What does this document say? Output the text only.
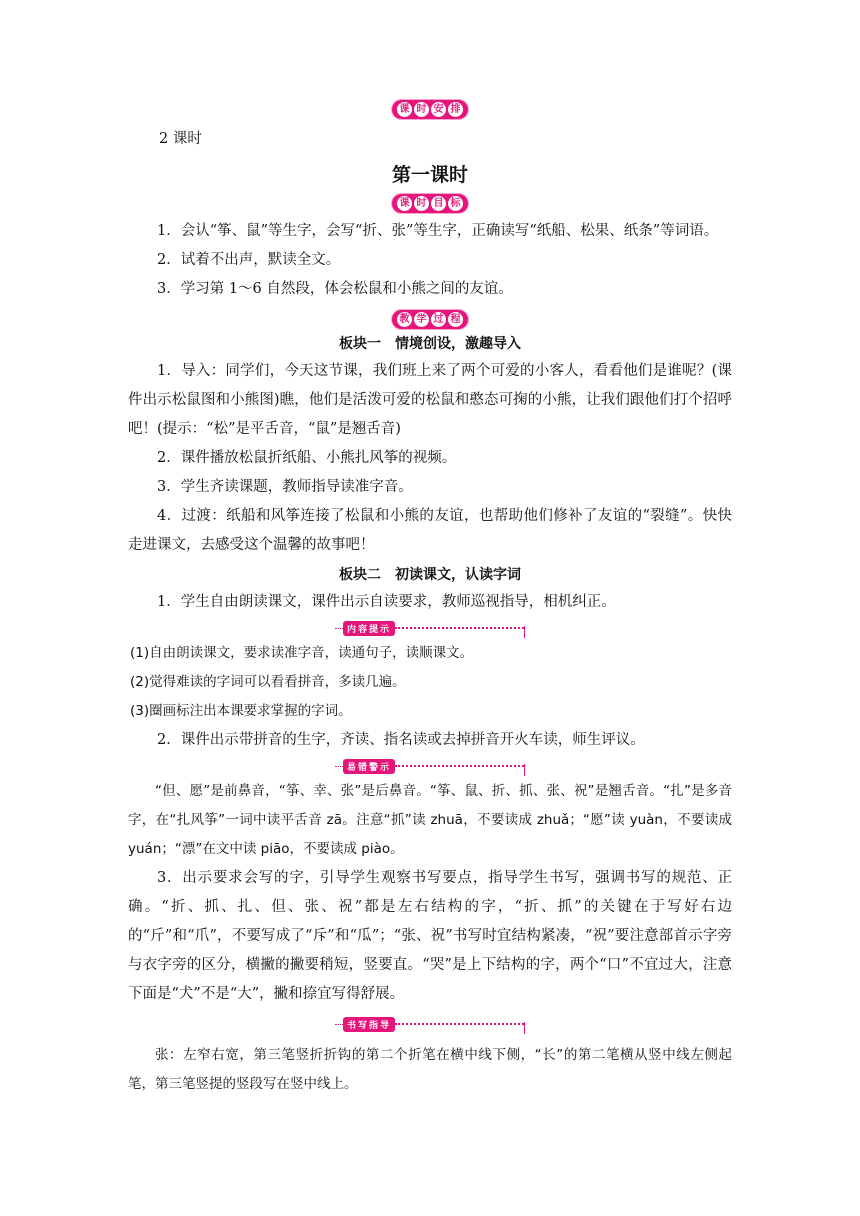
课 时 安 排

2 课时

第一课时
课 时 目 标

1．会认“筝、鼠”等生字，会写“折、张”等生字，正确读写“纸船、松果、纸条”等词语。

2．试着不出声，默读全文。

3．学习第 1～6 自然段，体会松鼠和小熊之间的友谊。

教 学 过 程
板块一　情境创设，激趣导入

1．导入：同学们，今天这节课，我们班上来了两个可爱的小客人，看看他们是谁呢？(课件出示松鼠图和小熊图)瞧，他们是活泼可爱的松鼠和憨态可掬的小熊，让我们跟他们打个招呼吧！(提示：“松”是平舌音，“鼠”是翘舌音)

2．课件播放松鼠折纸船、小熊扎风筝的视频。

3．学生齐读课题，教师指导读准字音。

4．过渡：纸船和风筝连接了松鼠和小熊的友谊，也帮助他们修补了友谊的“裂缝”。快快走进课文，去感受这个温馨的故事吧！

板块二　初读课文，认读字词

1．学生自由朗读课文，课件出示自读要求，教师巡视指导，相机纠正。

内容提示

(1)自由朗读课文，要求读准字音，读通句子，读顺课文。

(2)觉得难读的字词可以看看拼音，多读几遍。

(3)圈画标注出本课要求掌握的字词。

2．课件出示带拼音的生字，齐读、指名读或去掉拼音开火车读，师生评议。

易错警示

“但、愿”是前鼻音，“筝、幸、张”是后鼻音。“筝、鼠、折、抓、张、祝”是翘舌音。“扎”是多音字，在“扎风筝”一词中读平舌音 zā。注意“抓”读 zhuā，不要读成 zhuǎ；“愿”读 yuàn，不要读成 yuán；“漂”在文中读 piāo，不要读成 piào。

3．出示要求会写的字，引导学生观察书写要点，指导学生书写，强调书写的规范、正确。“折、抓、扎、但、张、祝”都是左右结构的字，“折、抓”的关键在于写好右边的“斤”和“爪”，不要写成了“斥”和“瓜”；“张、祝”书写时宜结构紧凑，“祝”要注意部首示字旁与衣字旁的区分，横撇的撇要稍短，竖要直。“哭”是上下结构的字，两个“口”不宜过大，注意下面是“犬”不是“大”，撇和捺宜写得舒展。

书写指导

张：左窄右宽，第三笔竖折折钩的第二个折笔在横中线下侧，“长”的第二笔横从竖中线左侧起笔，第三笔竖提的竖段写在竖中线上。
